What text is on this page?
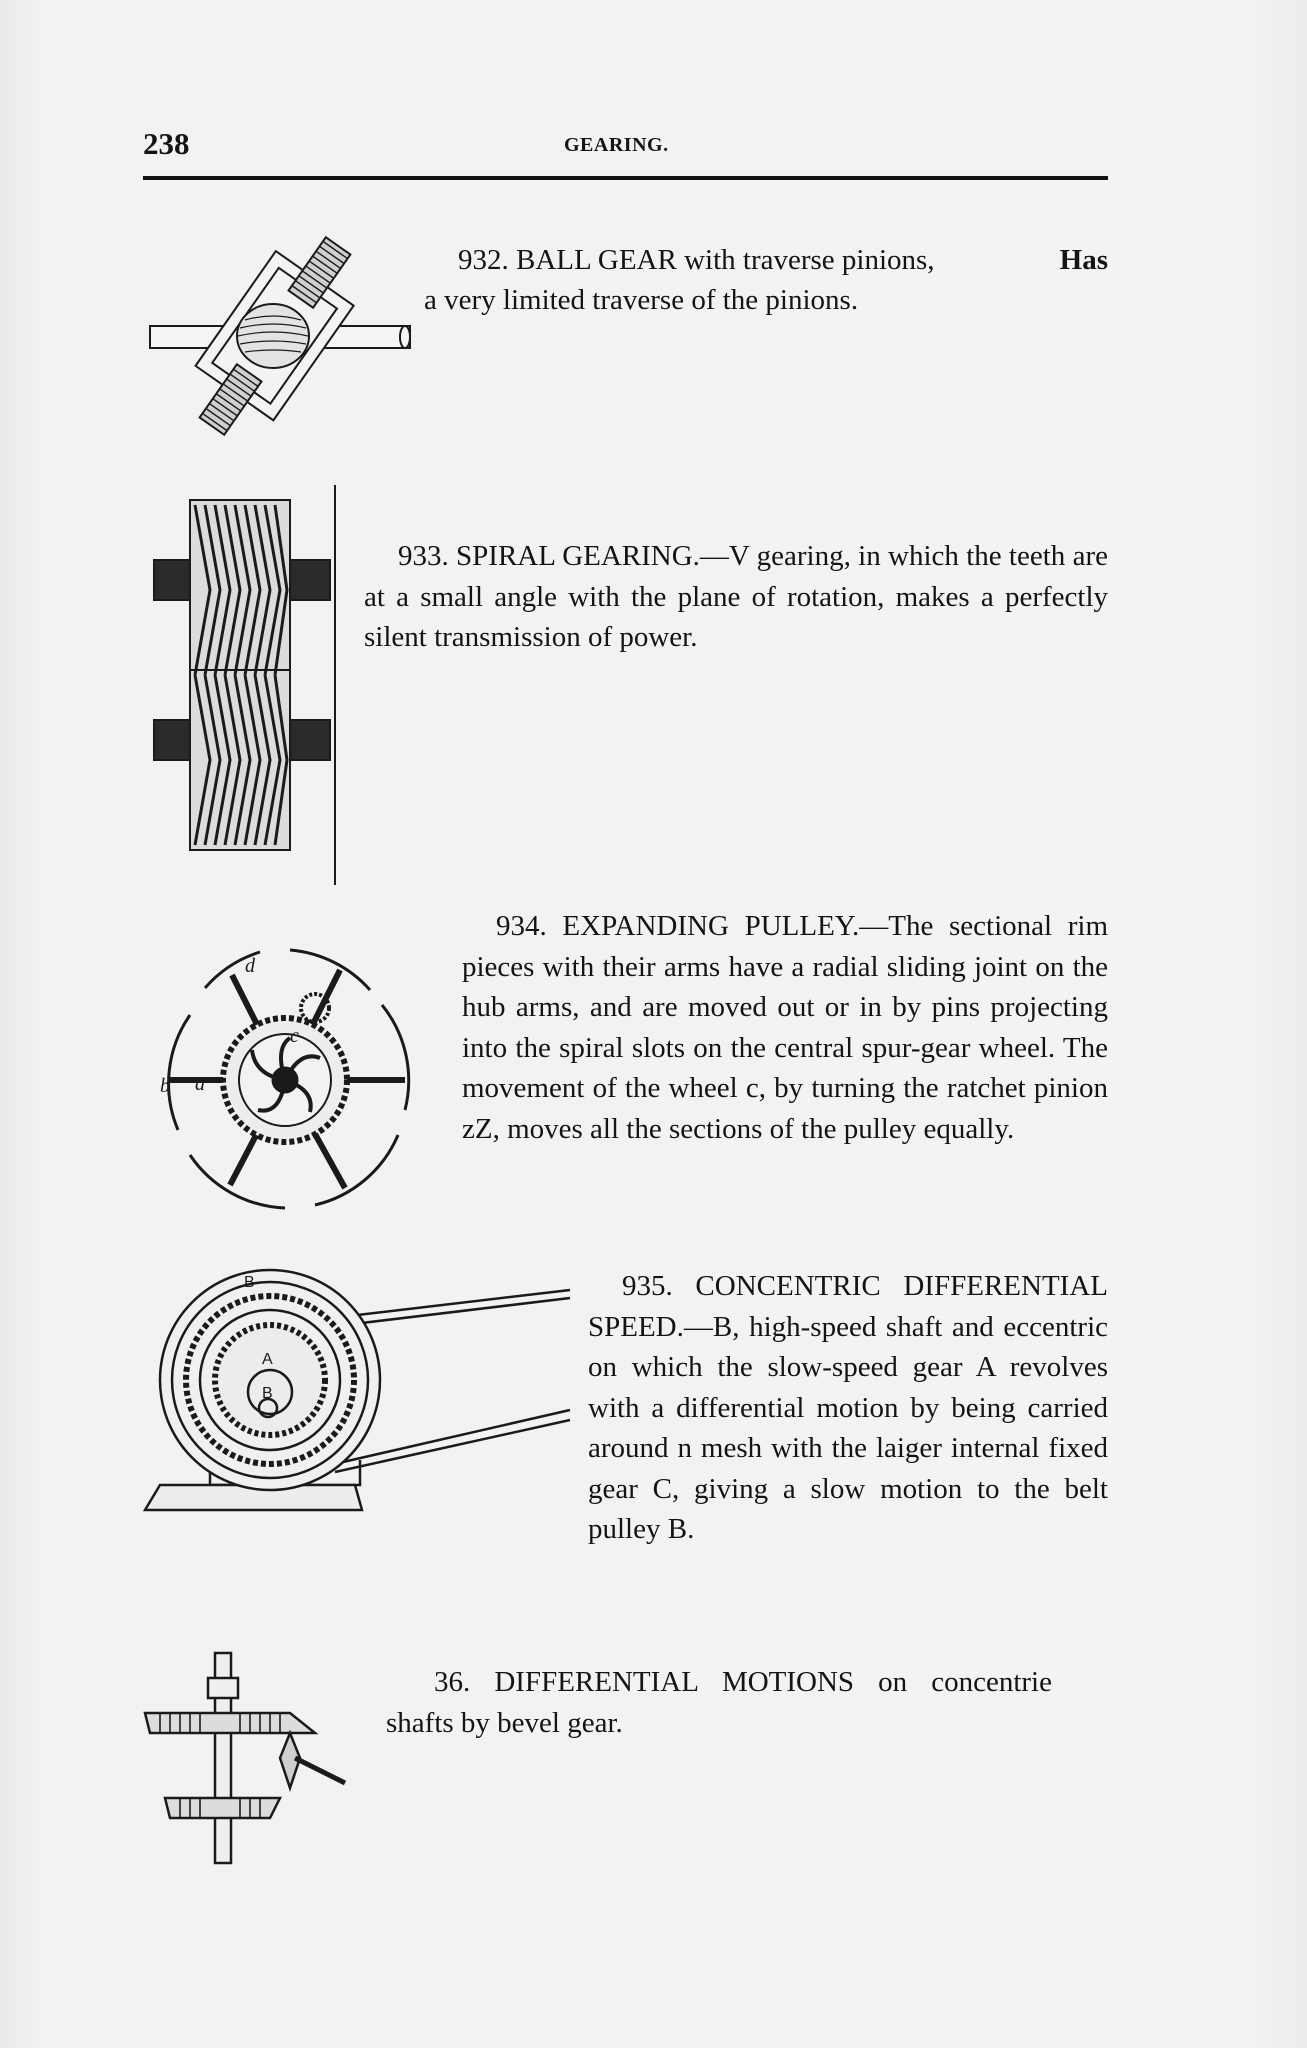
238	GEARING.
932. BALL GEAR with traverse pinions,	Has
a very limited traverse of the pinions.
933. SPIRAL GEARING.—V gearing, in which the teeth are at a small angle with the plane of rotation, makes a perfectly silent transmission of power.
d
c
a
b
934. EXPANDING PULLEY.—The sectional rim pieces with their arms have a radial sliding joint on the hub arms, and are moved out or in by pins projecting into the spiral slots on the central spur-gear wheel. The movement of the wheel c, by turning the ratchet pinion zZ, moves all the sections of the pulley equally.
B
A
B
935. CONCENTRIC DIFFERENTIAL SPEED.—B, high-speed shaft and eccentric on which the slow-speed gear A revolves with a differential motion by being carried around n mesh with the laiger internal fixed gear C, giving a slow motion to the belt pulley B.
36. DIFFERENTIAL MOTIONS on concentrie shafts by bevel gear.
